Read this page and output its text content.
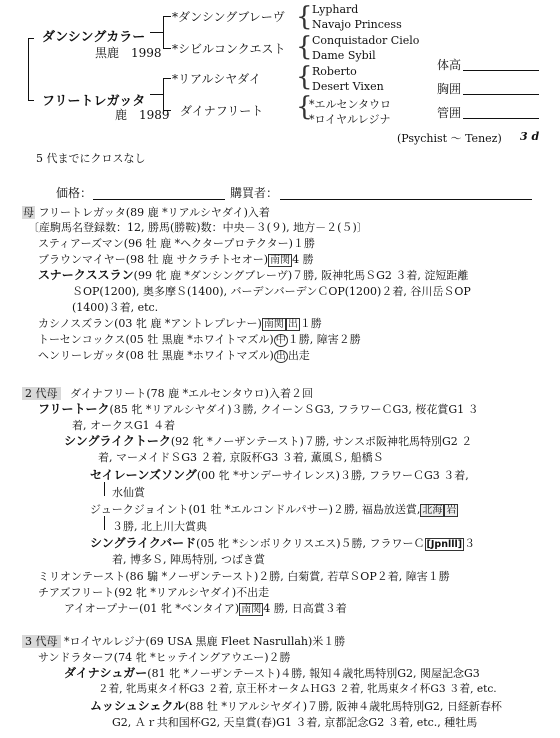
ダンシングカラー
黒鹿　1998
フリートレガッタ
鹿　1989
*ダンシングブレーヴ
*シビルコンクエスト
*リアルシヤダイ
ダイナフリート
{
{
{
{
Lyphard
Navajo Princess
Conquistador Cielo
Dame Sybil
Roberto
Desert Vixen
*エルセンタウロ
*ロイヤルレジナ
体高
胸囲
管囲
(Psychist ～ Tenez) 3 d
5 代までにクロスなし
価格：	購買者：
母 フリートレガッタ(89 鹿 *リアルシヤダイ)入着
〔産駒馬名登録数：12, 勝馬(勝鞍)数：中央－３(９), 地方－２(５)〕
スティアーズマン(96 牡 鹿 *ヘクタープロテクター)１勝
ブラウンマイヤー(98 牡 鹿 サクラチトセオー) 南関 4 勝
スナークススラン(99 牝 鹿 *ダンシングブレーヴ)７勝, 阪神牝馬ＳG2 ３着, 淀短距離
ＳOP(1200), 奥多摩Ｓ(1400), バーデンバーデンＣOP(1200)２着, 谷川岳ＳOP
(1400)３着, etc.
カシノスズラン(03 牝 鹿 *アントレプレナー) 南関 出 １勝
トーセンコックス(05 牡 黒鹿 *ホワイトマズル) 中 １勝, 障害２勝
ヘンリーレガッタ(08 牡 黒鹿 *ホワイトマズル) 出 出走
2 代母 ダイナフリート(78 鹿 *エルセンタウロ)入着２回
フリートーク(85 牝 *リアルシヤダイ)３勝, クイーンＳG3, フラワーＣG3, 桜花賞G1 ３
着, オークスG1 ４着
シングライクトーク(92 牝 *ノーザンテースト)７勝, サンスポ阪神牝馬特別G2 ２
着, マーメイドＳG3 ２着, 京阪杯G3 ３着, 薫風Ｓ, 船橋Ｓ
セイレーンズソング(00 牝 *サンデーサイレンス)３勝, フラワーＣG3 ３着,
水仙賞
ジュークジョイント(01 牡 *エルコンドルパサー)２勝, 福島放送賞, 北海 岩
３勝, 北上川大賞典
シングライクバード(05 牝 *シンボリクリスエス)５勝, フラワーＣ [Jpnlll] ３
着, 博多Ｓ, 陣馬特別, つばき賞
ミリオンテースト(86 騸 *ノーザンテースト)２勝, 白菊賞, 若草ＳOP２着, 障害１勝
チアズフリート(92 牝 *リアルシヤダイ)不出走
アイオープナー(01 牝 *ベンタイア) 南関 4 勝, 日高賞３着
3 代母 *ロイヤルレジナ(69 USA 黒鹿 Fleet Nasrullah)米１勝
サンドラターフ(74 牝 *ヒッテイングアウエー)２勝
ダイナシュガー(81 牝 *ノーザンテースト)４勝, 報知４歳牝馬特別G2, 関屋記念G3
２着, 牝馬東タイ杯G3 ２着, 京王杯オータムＨG3 ２着, 牝馬東タイ杯G3 ３着, etc.
ムッシュシェクル(88 牡 *リアルシヤダイ)７勝, 阪神４歳牝馬特別G2, 日経新春杯
G2, Ａｒ共和国杯G2, 天皇賞(春)G1 ３着, 京都記念G2 ３着, etc., 種牡馬
